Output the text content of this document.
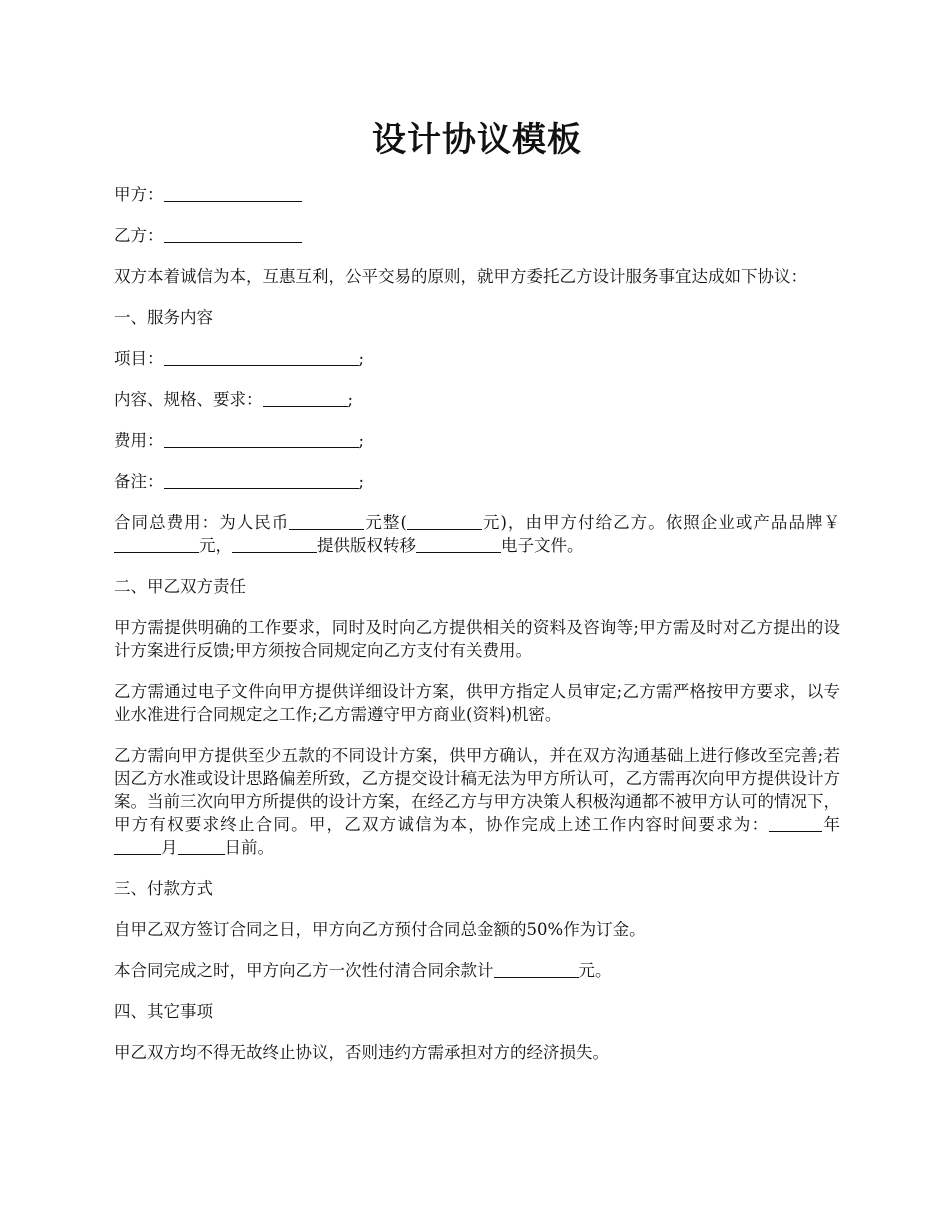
设计协议模板

甲方：

乙方：

双方本着诚信为本，互惠互利，公平交易的原则，就甲方委托乙方设计服务事宜达成如下协议：

一、服务内容

项目：	;

内容、规格、要求：	;

费用：	;

备注：	;

合同总费用：为人民币	元整(	元)，由甲方付给乙方。依照企业或产品品牌￥元，	提供版权转移	电子文件。

二、甲乙双方责任

甲方需提供明确的工作要求，同时及时向乙方提供相关的资料及咨询等;甲方需及时对乙方提出的设计方案进行反馈;甲方须按合同规定向乙方支付有关费用。

乙方需通过电子文件向甲方提供详细设计方案，供甲方指定人员审定;乙方需严格按甲方要求，以专业水准进行合同规定之工作;乙方需遵守甲方商业(资料)机密。

乙方需向甲方提供至少五款的不同设计方案，供甲方确认，并在双方沟通基础上进行修改至完善;若因乙方水准或设计思路偏差所致，乙方提交设计稿无法为甲方所认可，乙方需再次向甲方提供设计方案。当前三次向甲方所提供的设计方案，在经乙方与甲方决策人积极沟通都不被甲方认可的情况下，甲方有权要求终止合同。甲，乙双方诚信为本，协作完成上述工作内容时间要求为：	年月	日前。

三、付款方式

自甲乙双方签订合同之日，甲方向乙方预付合同总金额的50%作为订金。

本合同完成之时，甲方向乙方一次性付清合同余款计	元。

四、其它事项

甲乙双方均不得无故终止协议，否则违约方需承担对方的经济损失。
